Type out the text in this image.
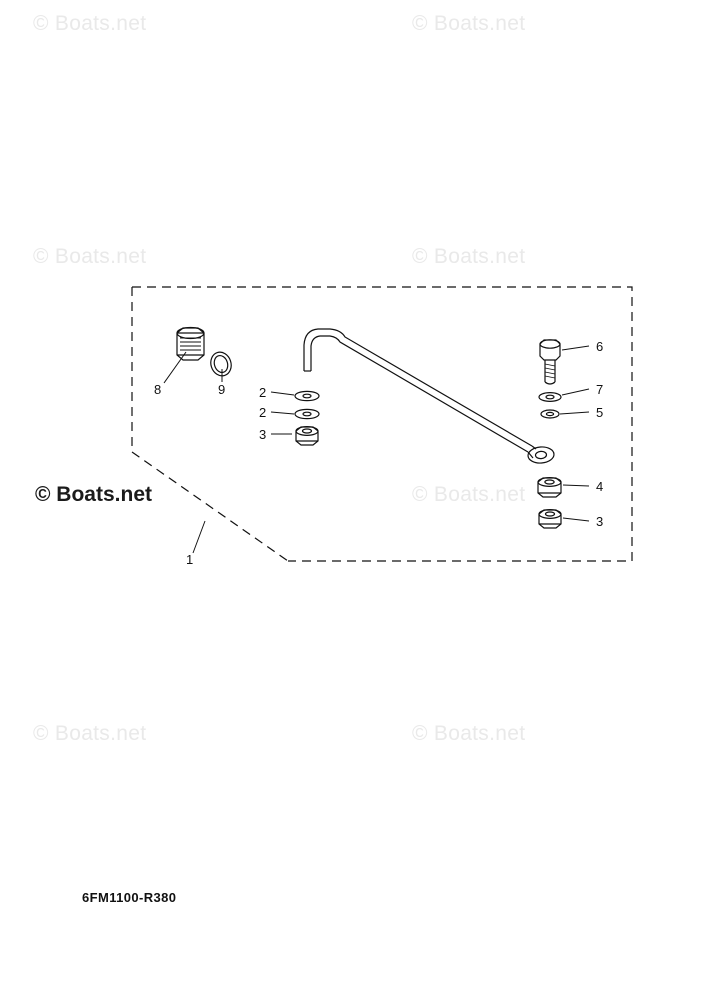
© Boats.net	© Boats.net
© Boats.net	© Boats.net
© Boats.net
© Boats.net	© Boats.net
© Boats.net
8	9	2
2
3
6
7
5
4
3
1
6FM1100-R380
